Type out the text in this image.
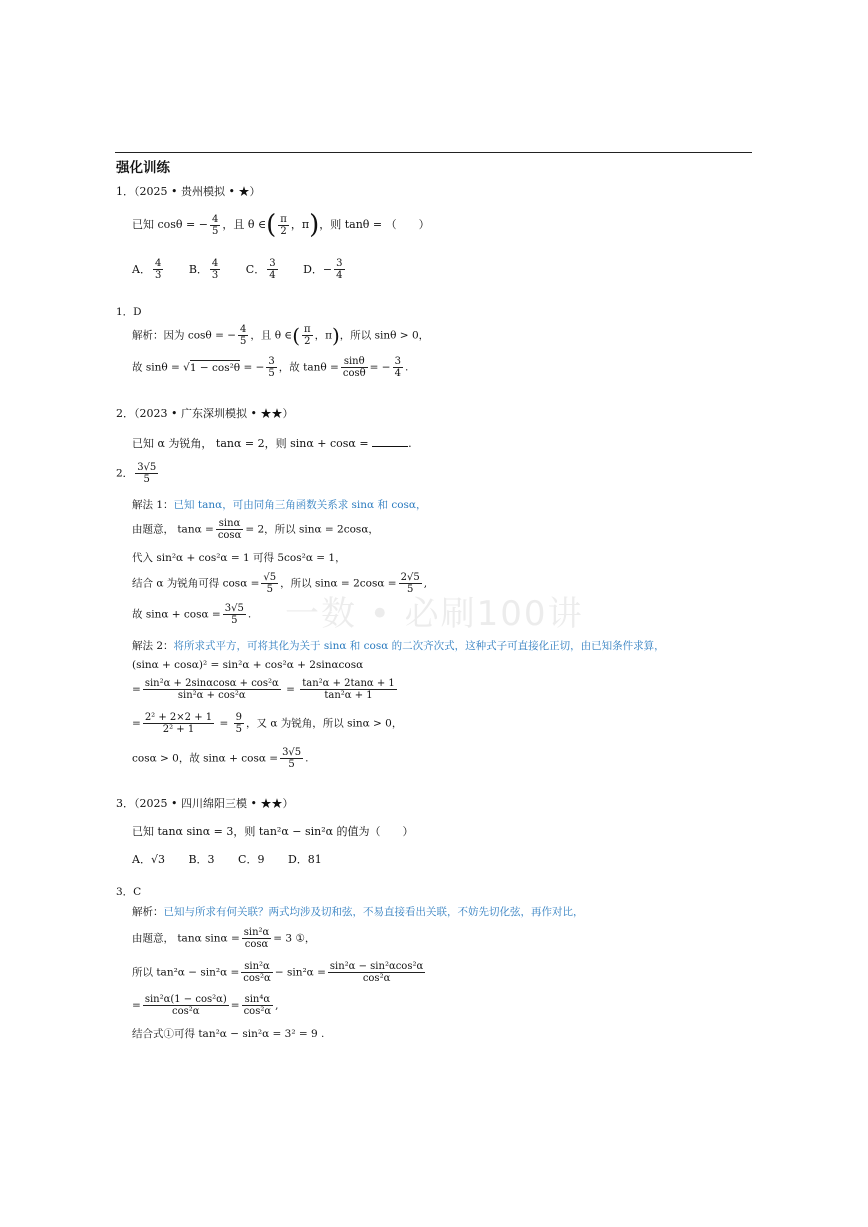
强化训练
1．（2025 • 贵州模拟 • ★）
已知 cosθ = − $\frac{4}{5}$ ，且 θ ∈( $\frac{\pi}{2}$ ，π)，则 tanθ = （　　）
A． $\frac{4}{3}$ B． $\frac{4}{3}$ C． $\frac{3}{4}$ D．− $\frac{3}{4}$
1．D
解析：因为 cosθ = − $\frac{4}{5}$ ，且 θ ∈( $\frac{\pi}{2}$ ，π)，所以 sinθ > 0，
故 sinθ = √1 − cos²θ = − $\frac{3}{5}$ ，故 $\tan\theta = \frac{\sin\theta}{\cos\theta}$ = − $\frac{3}{4}$ .
2．（2023 • 广东深圳模拟 • ★★）
已知 α 为锐角， tanα = 2，则 sinα + cosα =	.
2． $\frac{3√5}{5}$
解法 1：已知 tanα，可由同角三角函数关系求 sinα 和 cosα，
由题意， $\tan\alpha = \frac{\sin\alpha}{\cos\alpha} = 2$，所以 sinα = 2cosα，
代入 sin²α + cos²α = 1 可得 5cos²α = 1，
结合 α 为锐角可得 $\cos\alpha = \frac{√5}{5}$ ，所以 $\sin\alpha = 2\cos\alpha = \frac{2√5}{5}$ ,
故 $\sin\alpha + \cos\alpha = \frac{3√5}{5}$ . 一数 • 必刷100讲
解法 2：将所求式平方，可将其化为关于 sinα 和 cosα 的二次齐次式，这种式子可直接化正切，由已知条件求算，
(sinα + cosα)² = sin²α + cos²α + 2sinαcosα
= $\frac{\text{sin²α + 2sinαcosα + cos²α}}{\text{sin²α + cos²α}} = \frac{\text{tan²α + 2tanα + 1}}{\text{tan²α + 1}}$
= $\frac{\text{2² + 2×2 + 1}}{\text{2² + 1}} = \frac{9}{5}$ ，又 α 为锐角，所以 sinα > 0，
cosα > 0，故 $\sin\alpha + \cos\alpha = \frac{3√5}{5}$ .
3．（2025 • 四川绵阳三模 • ★★）
已知 tanα sinα = 3，则 tan²α − sin²α 的值为（　　）
A．√3 B．3 C．9 D．81
3．C
解析：已知与所求有何关联？两式均涉及切和弦，不易直接看出关联，不妨先切化弦，再作对比，
由题意， tanα $\sin\alpha = \frac{\text{sin²α}}{\cos\alpha} = 3$ ①，
所以 $\tan^2\alpha - \sin^2\alpha = \frac{\text{sin²α}}{\text{cos²α}} - \sin^2\alpha = \frac{\text{sin²α − sin²αcos²α}}{\text{cos²α}}$
= $\frac{\text{sin²α(1 − cos²α)}}{\text{cos²α}} = \frac{\text{sin⁴α}}{\text{cos²α}}$ ,
结合式①可得 tan²α − sin²α = 3² = 9 .
